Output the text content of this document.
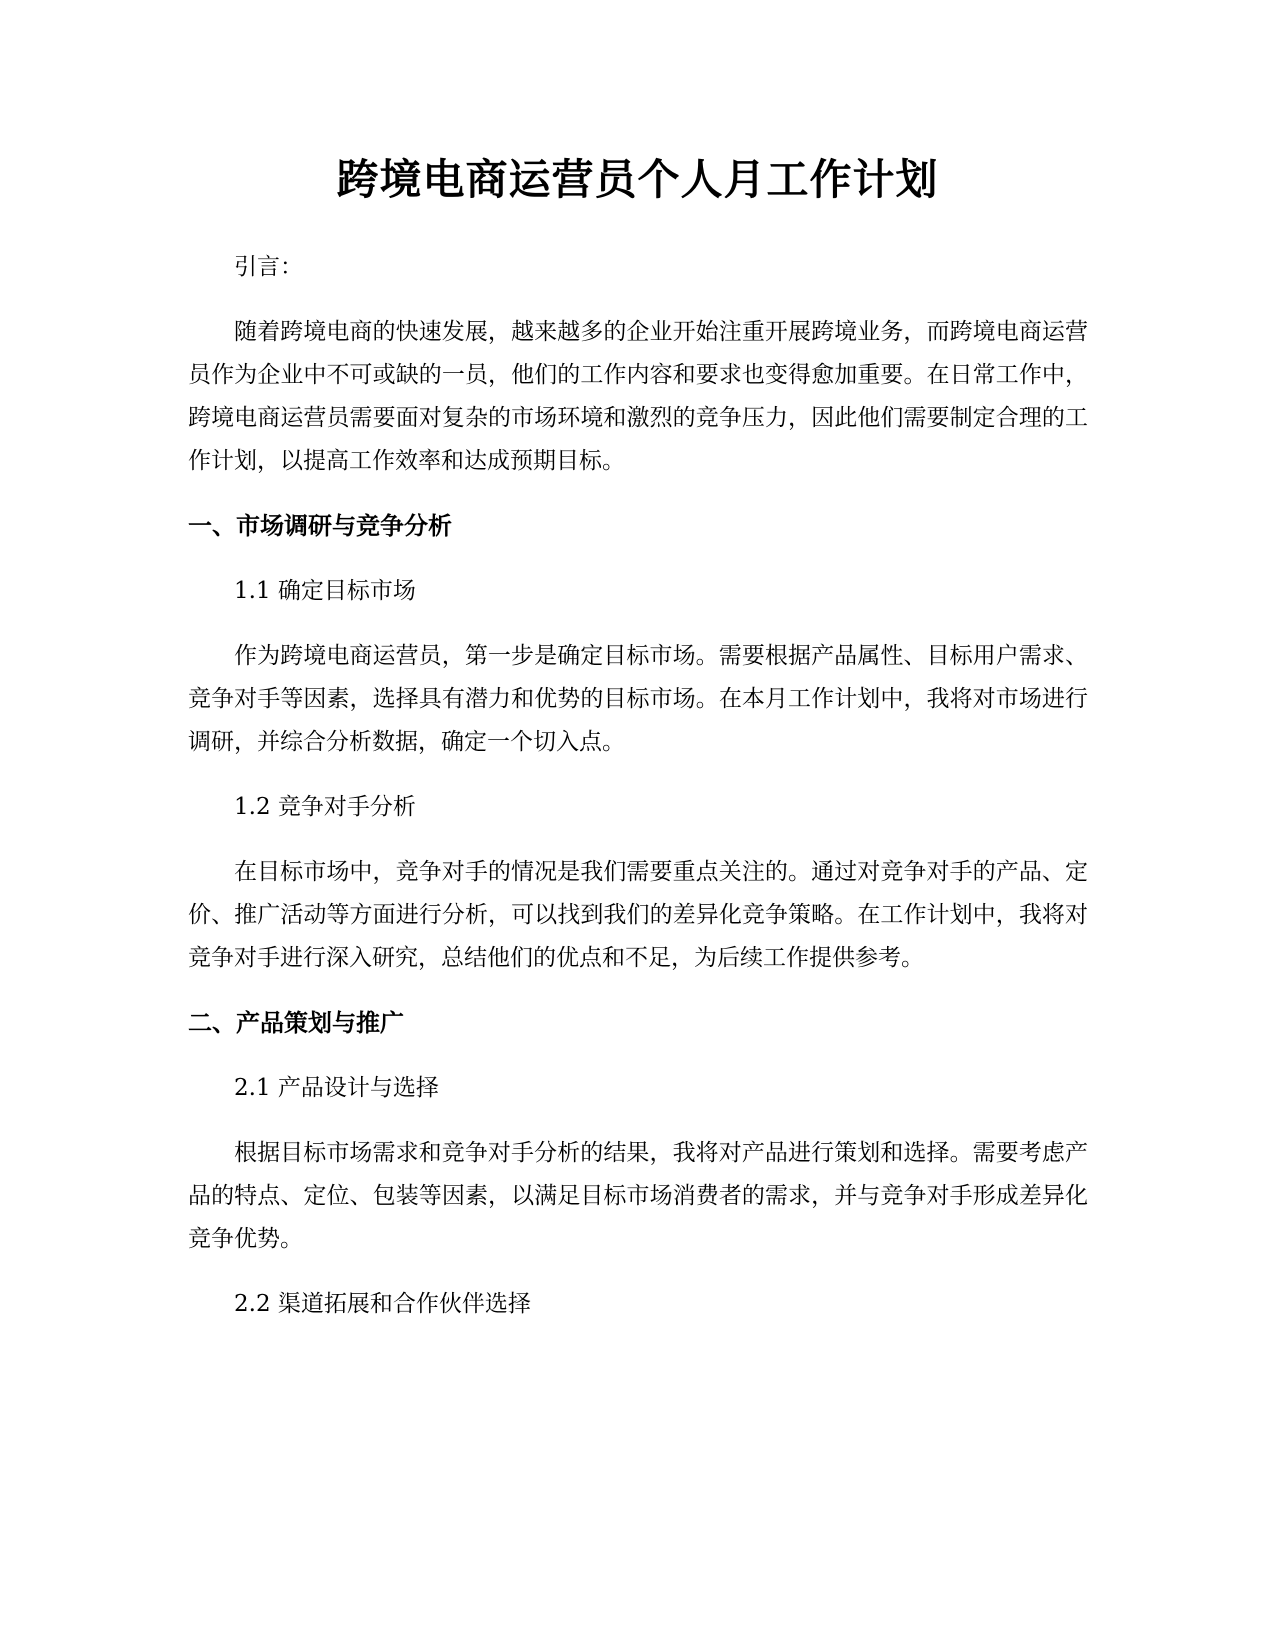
跨境电商运营员个人月工作计划

引言：

随着跨境电商的快速发展，越来越多的企业开始注重开展跨境业务，而跨境电商运营员作为企业中不可或缺的一员，他们的工作内容和要求也变得愈加重要。在日常工作中，跨境电商运营员需要面对复杂的市场环境和激烈的竞争压力，因此他们需要制定合理的工作计划，以提高工作效率和达成预期目标。

一、市场调研与竞争分析

1.1 确定目标市场

作为跨境电商运营员，第一步是确定目标市场。需要根据产品属性、目标用户需求、竞争对手等因素，选择具有潜力和优势的目标市场。在本月工作计划中，我将对市场进行调研，并综合分析数据，确定一个切入点。

1.2 竞争对手分析

在目标市场中，竞争对手的情况是我们需要重点关注的。通过对竞争对手的产品、定价、推广活动等方面进行分析，可以找到我们的差异化竞争策略。在工作计划中，我将对竞争对手进行深入研究，总结他们的优点和不足，为后续工作提供参考。

二、产品策划与推广

2.1 产品设计与选择

根据目标市场需求和竞争对手分析的结果，我将对产品进行策划和选择。需要考虑产品的特点、定位、包装等因素，以满足目标市场消费者的需求，并与竞争对手形成差异化竞争优势。

2.2 渠道拓展和合作伙伴选择
